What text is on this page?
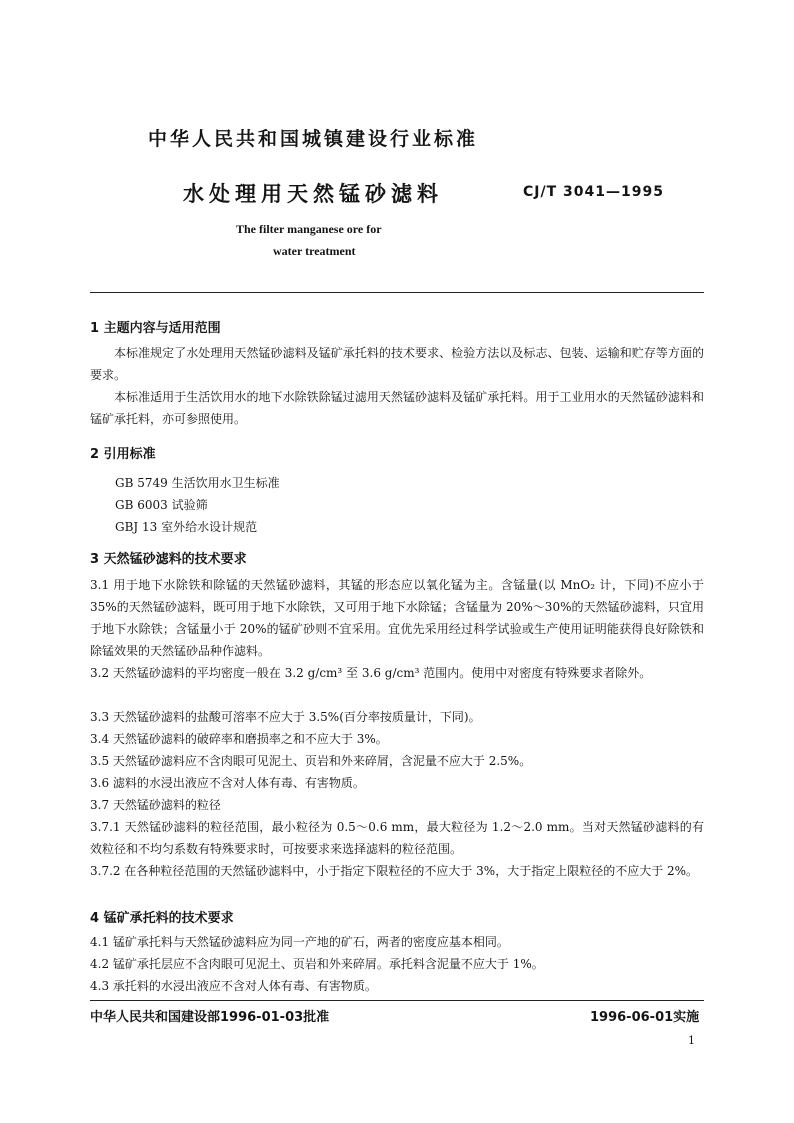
中华人民共和国城镇建设行业标准
水处理用天然锰砂滤料	CJ/T 3041—1995
The filter manganese ore for
water treatment
1 主题内容与适用范围
本标准规定了水处理用天然锰砂滤料及锰矿承托料的技术要求、检验方法以及标志、包装、运输和贮存等方面的要求。
本标准适用于生活饮用水的地下水除铁除锰过滤用天然锰砂滤料及锰矿承托料。用于工业用水的天然锰砂滤料和锰矿承托料，亦可参照使用。
2 引用标准
GB 5749 生活饮用水卫生标准
GB 6003 试验筛
GBJ 13 室外给水设计规范
3 天然锰砂滤料的技术要求
3.1 用于地下水除铁和除锰的天然锰砂滤料，其锰的形态应以氧化锰为主。含锰量(以 MnO₂ 计，下同)不应小于 35%的天然锰砂滤料，既可用于地下水除铁，又可用于地下水除锰；含锰量为 20%～30%的天然锰砂滤料，只宜用于地下水除铁；含锰量小于 20%的锰矿砂则不宜采用。宜优先采用经过科学试验或生产使用证明能获得良好除铁和除锰效果的天然锰砂品种作滤料。
3.2 天然锰砂滤料的平均密度一般在 3.2 g/cm³ 至 3.6 g/cm³ 范围内。使用中对密度有特殊要求者除外。
3.3 天然锰砂滤料的盐酸可溶率不应大于 3.5%(百分率按质量计，下同)。
3.4 天然锰砂滤料的破碎率和磨损率之和不应大于 3%。
3.5 天然锰砂滤料应不含肉眼可见泥土、页岩和外来碎屑，含泥量不应大于 2.5%。
3.6 滤料的水浸出液应不含对人体有毒、有害物质。
3.7 天然锰砂滤料的粒径
3.7.1 天然锰砂滤料的粒径范围，最小粒径为 0.5～0.6 mm，最大粒径为 1.2～2.0 mm。当对天然锰砂滤料的有效粒径和不均匀系数有特殊要求时，可按要求来选择滤料的粒径范围。
3.7.2 在各种粒径范围的天然锰砂滤料中，小于指定下限粒径的不应大于 3%，大于指定上限粒径的不应大于 2%。
4 锰矿承托料的技术要求
4.1 锰矿承托料与天然锰砂滤料应为同一产地的矿石，两者的密度应基本相同。
4.2 锰矿承托层应不含肉眼可见泥土、页岩和外来碎屑。承托料含泥量不应大于 1%。
4.3 承托料的水浸出液应不含对人体有毒、有害物质。
中华人民共和国建设部1996-01-03批准	1996-06-01实施
1
